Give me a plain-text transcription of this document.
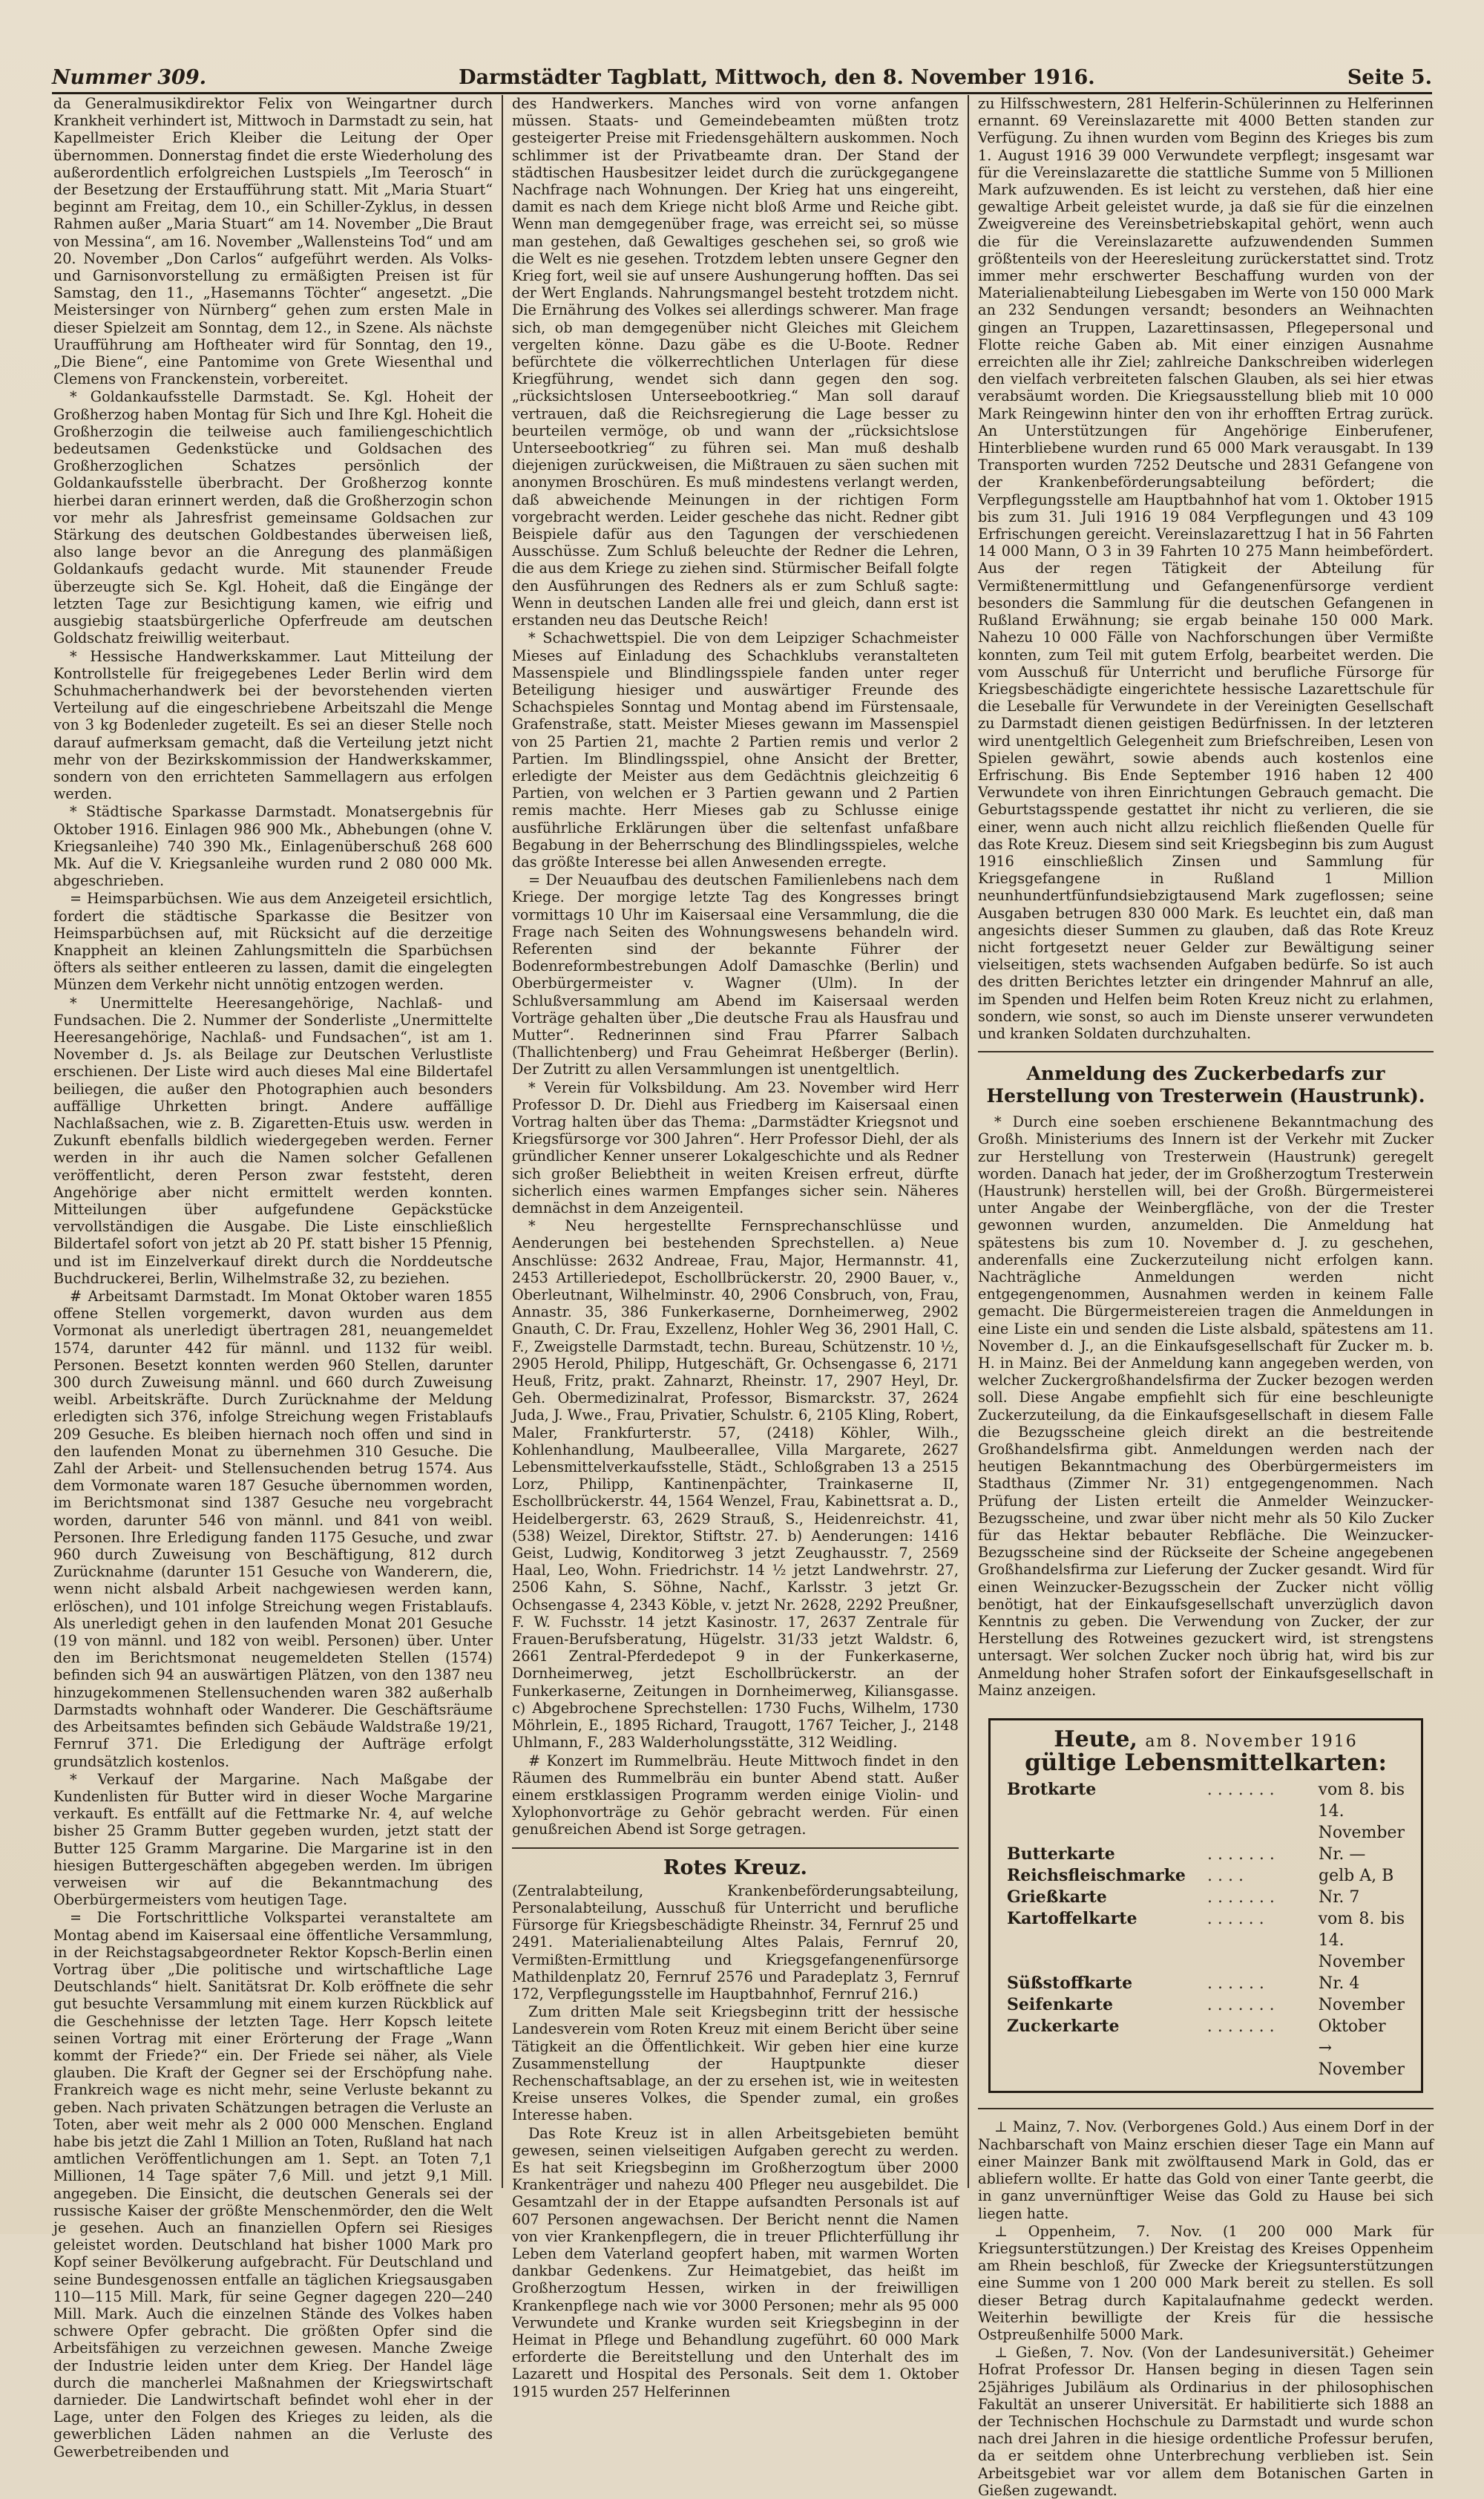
Nummer 309.	Darmstädter Tagblatt, Mittwoch, den 8. November 1916.	Seite 5.

da Generalmusikdirektor Felix von Weingartner durch Krankheit verhindert ist, Mittwoch in Darmstadt zu sein, hat Kapellmeister Erich Kleiber die Leitung der Oper übernommen. Donnerstag findet die erste Wiederholung des außerordentlich erfolgreichen Lustspiels „Im Teerosch“ in der Besetzung der Erstaufführung statt. Mit „Maria Stuart“ beginnt am Freitag, dem 10., ein Schiller-Zyklus, in dessen Rahmen außer „Maria Stuart“ am 14. November „Die Braut von Messina“, am 16. November „Wallensteins Tod“ und am 20. November „Don Carlos“ aufgeführt werden. Als Volks- und Garnisonvorstellung zu ermäßigten Preisen ist für Samstag, den 11., „Hasemanns Töchter“ angesetzt. „Die Meistersinger von Nürnberg“ gehen zum ersten Male in dieser Spielzeit am Sonntag, dem 12., in Szene. Als nächste Uraufführung am Hoftheater wird für Sonntag, den 19., „Die Biene“, eine Pantomime von Grete Wiesenthal und Clemens von Franckenstein, vorbereitet.

* Goldankaufsstelle Darmstadt. Se. Kgl. Hoheit der Großherzog haben Montag für Sich und Ihre Kgl. Hoheit die Großherzogin die teilweise auch familiengeschichtlich bedeutsamen Gedenkstücke und Goldsachen des Großherzoglichen Schatzes persönlich der Goldankaufsstelle überbracht. Der Großherzog konnte hierbei daran erinnert werden, daß die Großherzogin schon vor mehr als Jahresfrist gemeinsame Goldsachen zur Stärkung des deutschen Goldbestandes überweisen ließ, also lange bevor an die Anregung des planmäßigen Goldankaufs gedacht wurde. Mit staunender Freude überzeugte sich Se. Kgl. Hoheit, daß die Eingänge der letzten Tage zur Besichtigung kamen, wie eifrig und ausgiebig staatsbürgerliche Opferfreude am deutschen Goldschatz freiwillig weiterbaut.

* Hessische Handwerkskammer. Laut Mitteilung der Kontrollstelle für freigegebenes Leder Berlin wird dem Schuhmacherhandwerk bei der bevorstehenden vierten Verteilung auf die eingeschriebene Arbeitszahl die Menge von 3 kg Bodenleder zugeteilt. Es sei an dieser Stelle noch darauf aufmerksam gemacht, daß die Verteilung jetzt nicht mehr von der Bezirkskommission der Handwerkskammer, sondern von den errichteten Sammellagern aus erfolgen werden.

* Städtische Sparkasse Darmstadt. Monatsergebnis für Oktober 1916. Einlagen 986 900 Mk., Abhebungen (ohne V. Kriegsanleihe) 740 390 Mk., Einlagenüberschuß 268 600 Mk. Auf die V. Kriegsanleihe wurden rund 2 080 000 Mk. abgeschrieben.

= Heimsparbüchsen. Wie aus dem Anzeigeteil ersichtlich, fordert die städtische Sparkasse die Besitzer von Heimsparbüchsen auf, mit Rücksicht auf die derzeitige Knappheit an kleinen Zahlungsmitteln die Sparbüchsen öfters als seither entleeren zu lassen, damit die eingelegten Münzen dem Verkehr nicht unnötig entzogen werden.

* Unermittelte Heeresangehörige, Nachlaß- und Fundsachen. Die 2. Nummer der Sonderliste „Unermittelte Heeresangehörige, Nachlaß- und Fundsachen“, ist am 1. November d. Js. als Beilage zur Deutschen Verlustliste erschienen. Der Liste wird auch dieses Mal eine Bildertafel beiliegen, die außer den Photographien auch besonders auffällige Uhrketten bringt. Andere auffällige Nachlaßsachen, wie z. B. Zigaretten-Etuis usw. werden in Zukunft ebenfalls bildlich wiedergegeben werden. Ferner werden in ihr auch die Namen solcher Gefallenen veröffentlicht, deren Person zwar feststeht, deren Angehörige aber nicht ermittelt werden konnten. Mitteilungen über aufgefundene Gepäckstücke vervollständigen die Ausgabe. Die Liste einschließlich Bildertafel sofort von jetzt ab 20 Pf. statt bisher 15 Pfennig, und ist im Einzelverkauf direkt durch die Norddeutsche Buchdruckerei, Berlin, Wilhelmstraße 32, zu beziehen.

# Arbeitsamt Darmstadt. Im Monat Oktober waren 1855 offene Stellen vorgemerkt, davon wurden aus dem Vormonat als unerledigt übertragen 281, neuangemeldet 1574, darunter 442 für männl. und 1132 für weibl. Personen. Besetzt konnten werden 960 Stellen, darunter 300 durch Zuweisung männl. und 660 durch Zuweisung weibl. Arbeitskräfte. Durch Zurücknahme der Meldung erledigten sich 376, infolge Streichung wegen Fristablaufs 209 Gesuche. Es bleiben hiernach noch offen und sind in den laufenden Monat zu übernehmen 310 Gesuche. Die Zahl der Arbeit- und Stellensuchenden betrug 1574. Aus dem Vormonate waren 187 Gesuche übernommen worden, im Berichtsmonat sind 1387 Gesuche neu vorgebracht worden, darunter 546 von männl. und 841 von weibl. Personen. Ihre Erledigung fanden 1175 Gesuche, und zwar 960 durch Zuweisung von Beschäftigung, 812 durch Zurücknahme (darunter 151 Gesuche von Wanderern, die, wenn nicht alsbald Arbeit nachgewiesen werden kann, erlöschen), und 101 infolge Streichung wegen Fristablaufs. Als unerledigt gehen in den laufenden Monat 201 Gesuche (19 von männl. und 182 von weibl. Personen) über. Unter den im Berichtsmonat neugemeldeten Stellen (1574) befinden sich 94 an auswärtigen Plätzen, von den 1387 neu hinzugekommenen Stellensuchenden waren 382 außerhalb Darmstadts wohnhaft oder Wanderer. Die Geschäftsräume des Arbeitsamtes befinden sich Gebäude Waldstraße 19/21, Fernruf 371. Die Erledigung der Aufträge erfolgt grundsätzlich kostenlos.

* Verkauf der Margarine. Nach Maßgabe der Kundenlisten für Butter wird in dieser Woche Margarine verkauft. Es entfällt auf die Fettmarke Nr. 4, auf welche bisher 25 Gramm Butter gegeben wurden, jetzt statt der Butter 125 Gramm Margarine. Die Margarine ist in den hiesigen Buttergeschäften abgegeben werden. Im übrigen verweisen wir auf die Bekanntmachung des Oberbürgermeisters vom heutigen Tage.

= Die Fortschrittliche Volkspartei veranstaltete am Montag abend im Kaisersaal eine öffentliche Versammlung, in der Reichstagsabgeordneter Rektor Kopsch-Berlin einen Vortrag über „Die politische und wirtschaftliche Lage Deutschlands“ hielt. Sanitätsrat Dr. Kolb eröffnete die sehr gut besuchte Versammlung mit einem kurzen Rückblick auf die Geschehnisse der letzten Tage. Herr Kopsch leitete seinen Vortrag mit einer Erörterung der Frage „Wann kommt der Friede?“ ein. Der Friede sei näher, als Viele glauben. Die Kraft der Gegner sei der Erschöpfung nahe. Frankreich wage es nicht mehr, seine Verluste bekannt zu geben. Nach privaten Schätzungen betragen die Verluste an Toten, aber weit mehr als 2 000 000 Menschen. England habe bis jetzt die Zahl 1 Million an Toten, Rußland hat nach amtlichen Veröffentlichungen am 1. Sept. an Toten 7,1 Millionen, 14 Tage später 7,6 Mill. und jetzt 9,1 Mill. angegeben. Die Einsicht, die deutschen Generals sei der russische Kaiser der größte Menschenmörder, den die Welt je gesehen. Auch an finanziellen Opfern sei Riesiges geleistet worden. Deutschland hat bisher 1000 Mark pro Kopf seiner Bevölkerung aufgebracht. Für Deutschland und seine Bundesgenossen entfalle an täglichen Kriegsausgaben 110—115 Mill. Mark, für seine Gegner dagegen 220—240 Mill. Mark. Auch die einzelnen Stände des Volkes haben schwere Opfer gebracht. Die größten Opfer sind die Arbeitsfähigen zu verzeichnen gewesen. Manche Zweige der Industrie leiden unter dem Krieg. Der Handel läge durch die mancherlei Maßnahmen der Kriegswirtschaft darnieder. Die Landwirtschaft befindet wohl eher in der Lage, unter den Folgen des Krieges zu leiden, als die gewerblichen Läden nahmen an die Verluste des Gewerbetreibenden und

des Handwerkers. Manches wird von vorne anfangen müssen. Staats- und Gemeindebeamten müßten trotz gesteigerter Preise mit Friedensgehältern auskommen. Noch schlimmer ist der Privatbeamte dran. Der Stand der städtischen Hausbesitzer leidet durch die zurückgegangene Nachfrage nach Wohnungen. Der Krieg hat uns eingereiht, damit es nach dem Kriege nicht bloß Arme und Reiche gibt. Wenn man demgegenüber frage, was erreicht sei, so müsse man gestehen, daß Gewaltiges geschehen sei, so groß wie die Welt es nie gesehen. Trotzdem lebten unsere Gegner den Krieg fort, weil sie auf unsere Aushungerung hofften. Das sei der Wert Englands. Nahrungsmangel besteht trotzdem nicht. Die Ernährung des Volkes sei allerdings schwerer. Man frage sich, ob man demgegenüber nicht Gleiches mit Gleichem vergelten könne. Dazu gäbe es die U-Boote. Redner befürchtete die völkerrechtlichen Unterlagen für diese Kriegführung, wendet sich dann gegen den sog. „rücksichtslosen Unterseebootkrieg.“ Man soll darauf vertrauen, daß die Reichsregierung die Lage besser zu beurteilen vermöge, ob und wann der „rücksichtslose Unterseebootkrieg“ zu führen sei. Man muß deshalb diejenigen zurückweisen, die Mißtrauen zu säen suchen mit anonymen Broschüren. Es muß mindestens verlangt werden, daß abweichende Meinungen in der richtigen Form vorgebracht werden. Leider geschehe das nicht. Redner gibt Beispiele dafür aus den Tagungen der verschiedenen Ausschüsse. Zum Schluß beleuchte der Redner die Lehren, die aus dem Kriege zu ziehen sind. Stürmischer Beifall folgte den Ausführungen des Redners als er zum Schluß sagte: Wenn in deutschen Landen alle frei und gleich, dann erst ist erstanden neu das Deutsche Reich!

* Schachwettspiel. Die von dem Leipziger Schachmeister Mieses auf Einladung des Schachklubs veranstalteten Massenspiele und Blindlingsspiele fanden unter reger Beteiligung hiesiger und auswärtiger Freunde des Schachspieles Sonntag und Montag abend im Fürstensaale, Grafenstraße, statt. Meister Mieses gewann im Massenspiel von 25 Partien 21, machte 2 Partien remis und verlor 2 Partien. Im Blindlingsspiel, ohne Ansicht der Bretter, erledigte der Meister aus dem Gedächtnis gleichzeitig 6 Partien, von welchen er 3 Partien gewann und 2 Partien remis machte. Herr Mieses gab zu Schlusse einige ausführliche Erklärungen über die seltenfast unfaßbare Begabung in der Beherrschung des Blindlingsspieles, welche das größte Interesse bei allen Anwesenden erregte.

= Der Neuaufbau des deutschen Familienlebens nach dem Kriege. Der morgige letzte Tag des Kongresses bringt vormittags 10 Uhr im Kaisersaal eine Versammlung, die die Frage nach Seiten des Wohnungswesens behandeln wird. Referenten sind der bekannte Führer der Bodenreformbestrebungen Adolf Damaschke (Berlin) und Oberbürgermeister v. Wagner (Ulm). In der Schlußversammlung am Abend im Kaisersaal werden Vorträge gehalten über „Die deutsche Frau als Hausfrau und Mutter“. Rednerinnen sind Frau Pfarrer Salbach (Thallichtenberg) und Frau Geheimrat Heßberger (Berlin). Der Zutritt zu allen Versammlungen ist unentgeltlich.

* Verein für Volksbildung. Am 23. November wird Herr Professor D. Dr. Diehl aus Friedberg im Kaisersaal einen Vortrag halten über das Thema: „Darmstädter Kriegsnot und Kriegsfürsorge vor 300 Jahren“. Herr Professor Diehl, der als gründlicher Kenner unserer Lokalgeschichte und als Redner sich großer Beliebtheit in weiten Kreisen erfreut, dürfte sicherlich eines warmen Empfanges sicher sein. Näheres demnächst in dem Anzeigenteil.

* Neu hergestellte Fernsprechanschlüsse und Aenderungen bei bestehenden Sprechstellen. a) Neue Anschlüsse: 2632 Andreae, Frau, Major, Hermannstr. 41, 2453 Artilleriedepot, Eschollbrückerstr. 20, 2900 Bauer, v., Oberleutnant, Wilhelminstr. 40, 2906 Consbruch, von, Frau, Annastr. 35, 386 Funkerkaserne, Dornheimerweg, 2902 Gnauth, C. Dr. Frau, Exzellenz, Hohler Weg 36, 2901 Hall, C. F., Zweigstelle Darmstadt, techn. Bureau, Schützenstr. 10 ½, 2905 Herold, Philipp, Hutgeschäft, Gr. Ochsengasse 6, 2171 Heuß, Fritz, prakt. Zahnarzt, Rheinstr. 17, 2907 Heyl, Dr. Geh. Obermedizinalrat, Professor, Bismarckstr. 37, 2624 Juda, J. Wwe., Frau, Privatier, Schulstr. 6, 2105 Kling, Robert, Maler, Frankfurterstr. 57, (2418) Köhler, Wilh., Kohlenhandlung, Maulbeerallee, Villa Margarete, 2627 Lebensmittelverkaufsstelle, Städt., Schloßgraben 13 a 2515 Lorz, Philipp, Kantinenpächter, Trainkaserne II, Eschollbrückerstr. 44, 1564 Wenzel, Frau, Kabinettsrat a. D., Heidelbergerstr. 63, 2629 Strauß, S., Heidenreichstr. 41, (538) Weizel, Direktor, Stiftstr. 27. b) Aenderungen: 1416 Geist, Ludwig, Konditorweg 3 jetzt Zeughausstr. 7, 2569 Haal, Leo, Wohn. Friedrichstr. 14 ½ jetzt Landwehrstr. 27, 2506 Kahn, S. Söhne, Nachf., Karlsstr. 3 jetzt Gr. Ochsengasse 4, 2343 Köble, v. jetzt Nr. 2628, 2292 Preußner, F. W. Fuchsstr. 14 jetzt Kasinostr. 17, 2637 Zentrale für Frauen-Berufsberatung, Hügelstr. 31/33 jetzt Waldstr. 6, 2661 Zentral-Pferdedepot 9 in der Funkerkaserne, Dornheimerweg, jetzt Eschollbrückerstr. an der Funkerkaserne, Zeitungen in Dornheimerweg, Kiliansgasse. c) Abgebrochene Sprechstellen: 1730 Fuchs, Wilhelm, 1730 Möhrlein, E., 1895 Richard, Traugott, 1767 Teicher, J., 2148 Uhlmann, F., 283 Walderholungsstätte, 312 Weidling.

# Konzert im Rummelbräu. Heute Mittwoch findet in den Räumen des Rummelbräu ein bunter Abend statt. Außer einem erstklassigen Programm werden einige Violin- und Xylophonvorträge zu Gehör gebracht werden. Für einen genußreichen Abend ist Sorge getragen.

Rotes Kreuz.

(Zentralabteilung, Krankenbeförderungsabteilung, Personalabteilung, Ausschuß für Unterricht und berufliche Fürsorge für Kriegsbeschädigte Rheinstr. 34, Fernruf 25 und 2491. Materialienabteilung Altes Palais, Fernruf 20, Vermißten-Ermittlung und Kriegsgefangenenfürsorge Mathildenplatz 20, Fernruf 2576 und Paradeplatz 3, Fernruf 172, Verpflegungsstelle im Hauptbahnhof, Fernruf 216.)

Zum dritten Male seit Kriegsbeginn tritt der hessische Landesverein vom Roten Kreuz mit einem Bericht über seine Tätigkeit an die Öffentlichkeit. Wir geben hier eine kurze Zusammenstellung der Hauptpunkte dieser Rechenschaftsablage, an der zu ersehen ist, wie in weitesten Kreise unseres Volkes, die Spender zumal, ein großes Interesse haben.

Das Rote Kreuz ist in allen Arbeitsgebieten bemüht gewesen, seinen vielseitigen Aufgaben gerecht zu werden. Es hat seit Kriegsbeginn im Großherzogtum über 2000 Krankenträger und nahezu 400 Pfleger neu ausgebildet. Die Gesamtzahl der in der Etappe aufsandten Personals ist auf 607 Personen angewachsen. Der Bericht nennt die Namen von vier Krankenpflegern, die in treuer Pflichterfüllung ihr Leben dem Vaterland geopfert haben, mit warmen Worten dankbar Gedenkens. Zur Heimatgebiet, das heißt im Großherzogtum Hessen, wirken in der freiwilligen Krankenpflege nach wie vor 3000 Personen; mehr als 95 000 Verwundete und Kranke wurden seit Kriegsbeginn in der Heimat in Pflege und Behandlung zugeführt. 60 000 Mark erforderte die Bereitstellung und den Unterhalt des im Lazarett und Hospital des Personals. Seit dem 1. Oktober 1915 wurden 257 Helferinnen

zu Hilfsschwestern, 281 Helferin-Schülerinnen zu Helferinnen ernannt. 69 Vereinslazarette mit 4000 Betten standen zur Verfügung. Zu ihnen wurden vom Beginn des Krieges bis zum 1. August 1916 39 000 Verwundete verpflegt; insgesamt war für die Vereinslazarette die stattliche Summe von 5 Millionen Mark aufzuwenden. Es ist leicht zu verstehen, daß hier eine gewaltige Arbeit geleistet wurde, ja daß sie für die einzelnen Zweigvereine des Vereinsbetriebskapital gehört, wenn auch die für die Vereinslazarette aufzuwendenden Summen größtenteils von der Heeresleitung zurückerstattet sind. Trotz immer mehr erschwerter Beschaffung wurden von der Materialienabteilung Liebesgaben im Werte von 150 000 Mark an 232 Sendungen versandt; besonders an Weihnachten gingen an Truppen, Lazarettinsassen, Pflegepersonal und Flotte reiche Gaben ab. Mit einer einzigen Ausnahme erreichten alle ihr Ziel; zahlreiche Dankschreiben widerlegen den vielfach verbreiteten falschen Glauben, als sei hier etwas verabsäumt worden. Die Kriegsausstellung blieb mit 10 000 Mark Reingewinn hinter den von ihr erhofften Ertrag zurück. An Unterstützungen für Angehörige Einberufener, Hinterbliebene wurden rund 65 000 Mark verausgabt. In 139 Transporten wurden 7252 Deutsche und 2831 Gefangene von der Krankenbeförderungsabteilung befördert; die Verpflegungsstelle am Hauptbahnhof hat vom 1. Oktober 1915 bis zum 31. Juli 1916 19 084 Verpflegungen und 43 109 Erfrischungen gereicht. Vereinslazarettzug I hat in 56 Fahrten 14 000 Mann, O 3 in 39 Fahrten 10 275 Mann heimbefördert. Aus der regen Tätigkeit der Abteilung für Vermißtenermittlung und Gefangenenfürsorge verdient besonders die Sammlung für die deutschen Gefangenen in Rußland Erwähnung; sie ergab beinahe 150 000 Mark. Nahezu 10 000 Fälle von Nachforschungen über Vermißte konnten, zum Teil mit gutem Erfolg, bearbeitet werden. Die vom Ausschuß für Unterricht und berufliche Fürsorge für Kriegsbeschädigte eingerichtete hessische Lazarettschule für die Leseballe für Verwundete in der Vereinigten Gesellschaft zu Darmstadt dienen geistigen Bedürfnissen. In der letzteren wird unentgeltlich Gelegenheit zum Briefschreiben, Lesen von Spielen gewährt, sowie abends auch kostenlos eine Erfrischung. Bis Ende September 1916 haben 12 400 Verwundete von ihren Einrichtungen Gebrauch gemacht. Die Geburtstagsspende gestattet ihr nicht zu verlieren, die sie einer, wenn auch nicht allzu reichlich fließenden Quelle für das Rote Kreuz. Diesem sind seit Kriegsbeginn bis zum August 1916 einschließlich Zinsen und Sammlung für Kriegsgefangene in Rußland 1 Million neunhundertfünfundsiebzigtausend Mark zugeflossen; seine Ausgaben betrugen 830 000 Mark. Es leuchtet ein, daß man angesichts dieser Summen zu glauben, daß das Rote Kreuz nicht fortgesetzt neuer Gelder zur Bewältigung seiner vielseitigen, stets wachsenden Aufgaben bedürfe. So ist auch des dritten Berichtes letzter ein dringender Mahnruf an alle, im Spenden und Helfen beim Roten Kreuz nicht zu erlahmen, sondern, wie sonst, so auch im Dienste unserer verwundeten und kranken Soldaten durchzuhalten.

Anmeldung des Zuckerbedarfs zur Herstellung von Tresterwein (Haustrunk).

* Durch eine soeben erschienene Bekanntmachung des Großh. Ministeriums des Innern ist der Verkehr mit Zucker zur Herstellung von Tresterwein (Haustrunk) geregelt worden. Danach hat jeder, der im Großherzogtum Tresterwein (Haustrunk) herstellen will, bei der Großh. Bürgermeisterei unter Angabe der Weinbergfläche, von der die Trester gewonnen wurden, anzumelden. Die Anmeldung hat spätestens bis zum 10. November d. J. zu geschehen, anderenfalls eine Zuckerzuteilung nicht erfolgen kann. Nachträgliche Anmeldungen werden nicht entgegengenommen, Ausnahmen werden in keinem Falle gemacht. Die Bürgermeistereien tragen die Anmeldungen in eine Liste ein und senden die Liste alsbald, spätestens am 11. November d. J., an die Einkaufsgesellschaft für Zucker m. b. H. in Mainz. Bei der Anmeldung kann angegeben werden, von welcher Zuckergroßhandelsfirma der Zucker bezogen werden soll. Diese Angabe empfiehlt sich für eine beschleunigte Zuckerzuteilung, da die Einkaufsgesellschaft in diesem Falle die Bezugsscheine gleich direkt an die bestreitende Großhandelsfirma gibt. Anmeldungen werden nach der heutigen Bekanntmachung des Oberbürgermeisters im Stadthaus (Zimmer Nr. 31) entgegengenommen. Nach Prüfung der Listen erteilt die Anmelder Weinzucker-Bezugsscheine, und zwar über nicht mehr als 50 Kilo Zucker für das Hektar bebauter Rebfläche. Die Weinzucker-Bezugsscheine sind der Rückseite der Scheine angegebenen Großhandelsfirma zur Lieferung der Zucker gesandt. Wird für einen Weinzucker-Bezugsschein der Zucker nicht völlig benötigt, hat der Einkaufsgesellschaft unverzüglich davon Kenntnis zu geben. Die Verwendung von Zucker, der zur Herstellung des Rotweines gezuckert wird, ist strengstens untersagt. Wer solchen Zucker noch übrig hat, wird bis zur Anmeldung hoher Strafen sofort der Einkaufsgesellschaft in Mainz anzeigen.

Heute, am 8. November 1916
gültige Lebensmittelkarten:
Brotkarte	. . . . . . .	vom 8. bis 14. November
Butterkarte	. . . . . . .	Nr. —
Reichsfleischmarke	. . . .	gelb A, B
Grießkarte	. . . . . . .	Nr. 7
Kartoffelkarte	. . . . . .	vom 8. bis 14. November
Süßstoffkarte	. . . . . .	Nr. 4
Seifenkarte	. . . . . . .	November
Zuckerkarte	. . . . . . .	Oktober → November

⊥ Mainz, 7. Nov. (Verborgenes Gold.) Aus einem Dorf in der Nachbarschaft von Mainz erschien dieser Tage ein Mann auf einer Mainzer Bank mit zwölftausend Mark in Gold, das er abliefern wollte. Er hatte das Gold von einer Tante geerbt, die in ganz unvernünftiger Weise das Gold zu Hause bei sich liegen hatte.

⊥ Oppenheim, 7. Nov. (1 200 000 Mark für Kriegsunterstützungen.) Der Kreistag des Kreises Oppenheim am Rhein beschloß, für Zwecke der Kriegsunterstützungen eine Summe von 1 200 000 Mark bereit zu stellen. Es soll dieser Betrag durch Kapitalaufnahme gedeckt werden. Weiterhin bewilligte der Kreis für die hessische Ostpreußenhilfe 5000 Mark.

⊥ Gießen, 7. Nov. (Von der Landesuniversität.) Geheimer Hofrat Professor Dr. Hansen beging in diesen Tagen sein 25jähriges Jubiläum als Ordinarius in der philosophischen Fakultät an unserer Universität. Er habilitierte sich 1888 an der Technischen Hochschule zu Darmstadt und wurde schon nach drei Jahren in die hiesige ordentliche Professur berufen, da er seitdem ohne Unterbrechung verblieben ist. Sein Arbeitsgebiet war vor allem dem Botanischen Garten in Gießen zugewandt.
